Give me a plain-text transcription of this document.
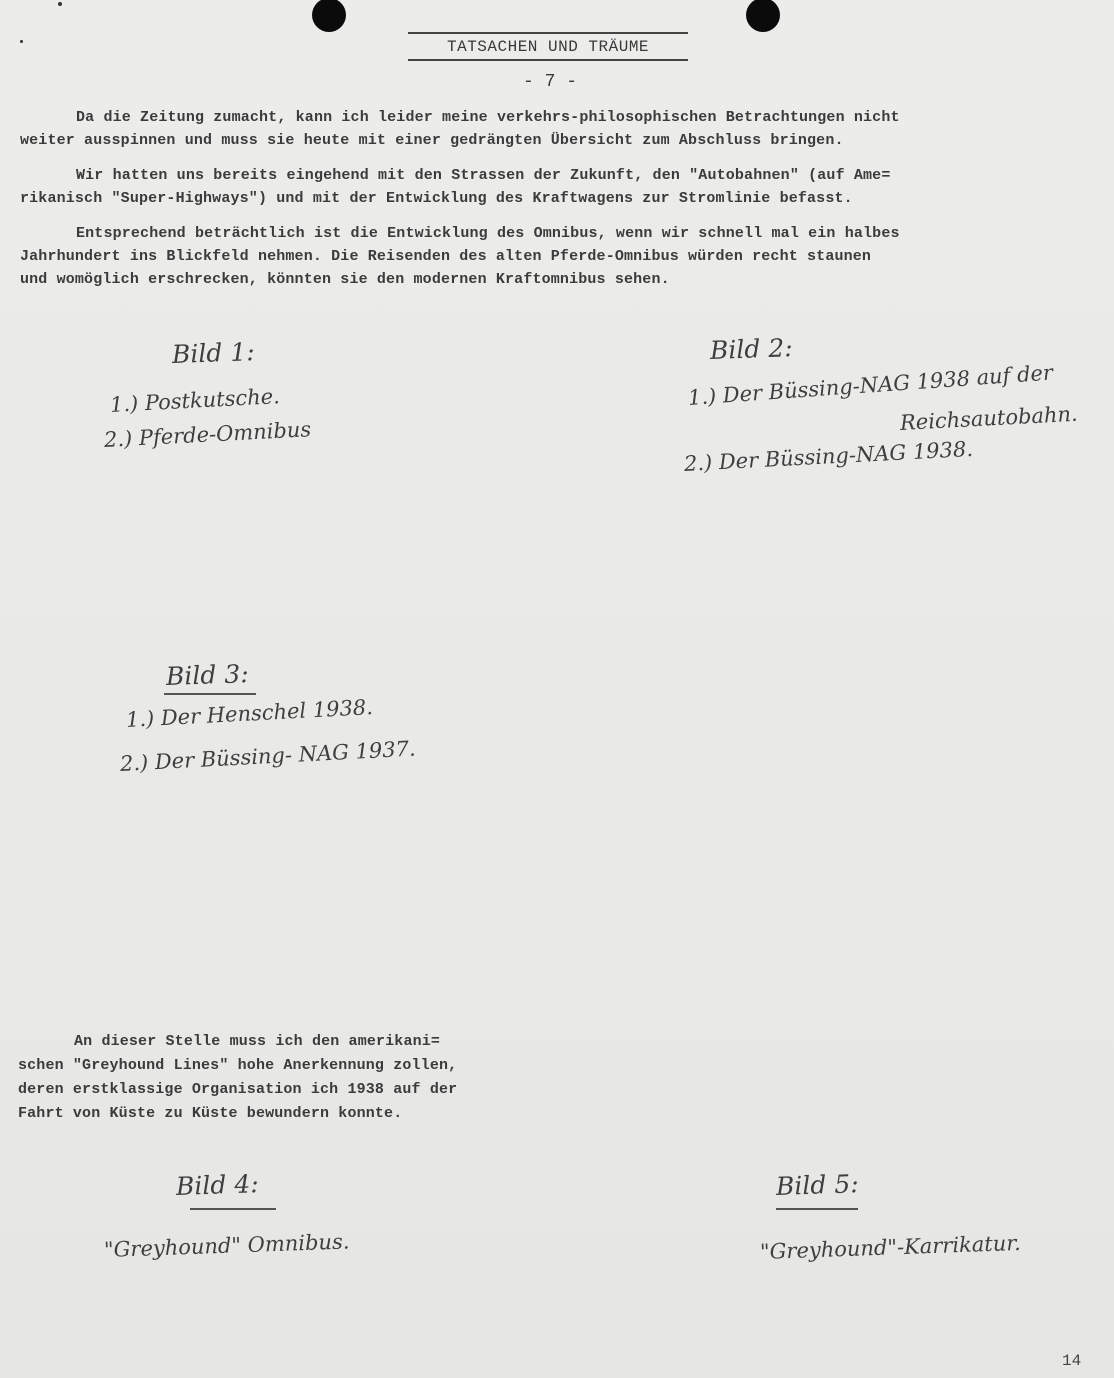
TATSACHEN UND TRÄUME
- 7 -
Da die Zeitung zumacht, kann ich leider meine verkehrs-philosophischen Betrachtungen nicht
weiter ausspinnen und muss sie heute mit einer gedrängten Übersicht zum Abschluss bringen.
Wir hatten uns bereits eingehend mit den Strassen der Zukunft, den "Autobahnen" (auf Ame=
rikanisch "Super-Highways") und mit der Entwicklung des Kraftwagens zur Stromlinie befasst.
Entsprechend beträchtlich ist die Entwicklung des Omnibus, wenn wir schnell mal ein halbes
Jahrhundert ins Blickfeld nehmen. Die Reisenden des alten Pferde-Omnibus würden recht staunen
und womöglich erschrecken, könnten sie den modernen Kraftomnibus sehen.
Bild 1:
1.) Postkutsche.
2.) Pferde-Omnibus
Bild 2:
1.) Der Büssing-NAG 1938 auf der
Reichsautobahn.
2.) Der Büssing-NAG 1938.
Bild 3:
1.) Der Henschel 1938.
2.) Der Büssing- NAG 1937.
An dieser Stelle muss ich den amerikani=
schen "Greyhound Lines" hohe Anerkennung zollen,
deren erstklassige Organisation ich 1938 auf der
Fahrt von Küste zu Küste bewundern konnte.
Bild 4:
"Greyhound" Omnibus.
Bild 5:
"Greyhound"-Karrikatur.
14
